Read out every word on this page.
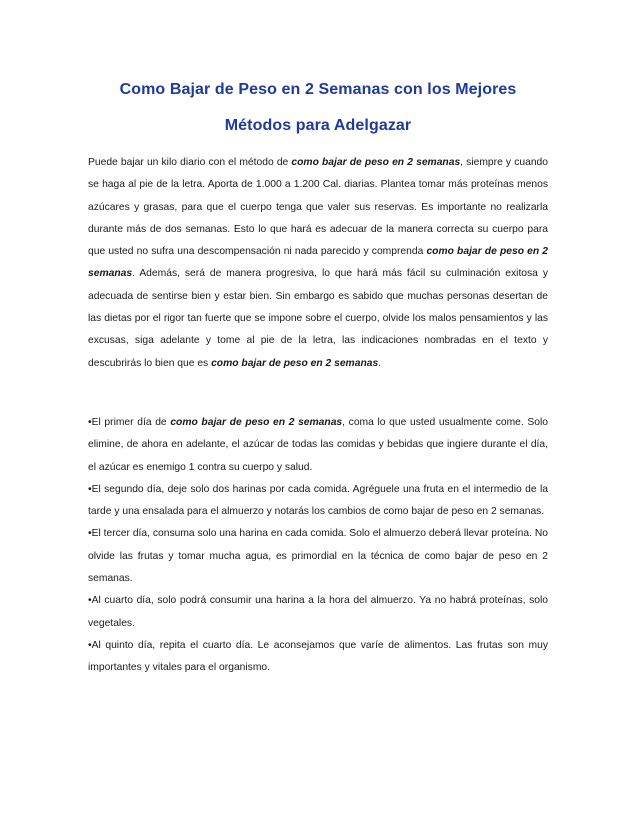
Como Bajar de Peso en 2 Semanas con los Mejores
Métodos para Adelgazar

Puede bajar un kilo diario con el método de como bajar de peso en 2 semanas, siempre y cuando se haga al pie de la letra. Aporta de 1.000 a 1.200 Cal. diarias. Plantea tomar más proteínas menos azúcares y grasas, para que el cuerpo tenga que valer sus reservas. Es importante no realizarla durante más de dos semanas. Esto lo que hará es adecuar de la manera correcta su cuerpo para que usted no sufra una descompensación ni nada parecido y comprenda como bajar de peso en 2 semanas. Además, será de manera progresiva, lo que hará más fácil su culminación exitosa y adecuada de sentirse bien y estar bien. Sin embargo es sabido que muchas personas desertan de las dietas por el rigor tan fuerte que se impone sobre el cuerpo, olvide los malos pensamientos y las excusas, siga adelante y tome al pie de la letra, las indicaciones nombradas en el texto y descubrirás lo bien que es como bajar de peso en 2 semanas.

•El primer día de como bajar de peso en 2 semanas, coma lo que usted usualmente come. Solo elimine, de ahora en adelante, el azúcar de todas las comidas y bebidas que ingiere durante el día, el azúcar es enemigo 1 contra su cuerpo y salud.

•El segundo día, deje solo dos harinas por cada comida. Agréguele una fruta en el intermedio de la tarde y una ensalada para el almuerzo y notarás los cambios de como bajar de peso en 2 semanas.

•El tercer día, consuma solo una harina en cada comida. Solo el almuerzo deberá llevar proteína. No olvide las frutas y tomar mucha agua, es primordial en la técnica de como bajar de peso en 2 semanas.

•Al cuarto día, solo podrá consumir una harina a la hora del almuerzo. Ya no habrá proteínas, solo vegetales.

•Al quinto día, repita el cuarto día. Le aconsejamos que varíe de alimentos. Las frutas son muy importantes y vitales para el organismo.
